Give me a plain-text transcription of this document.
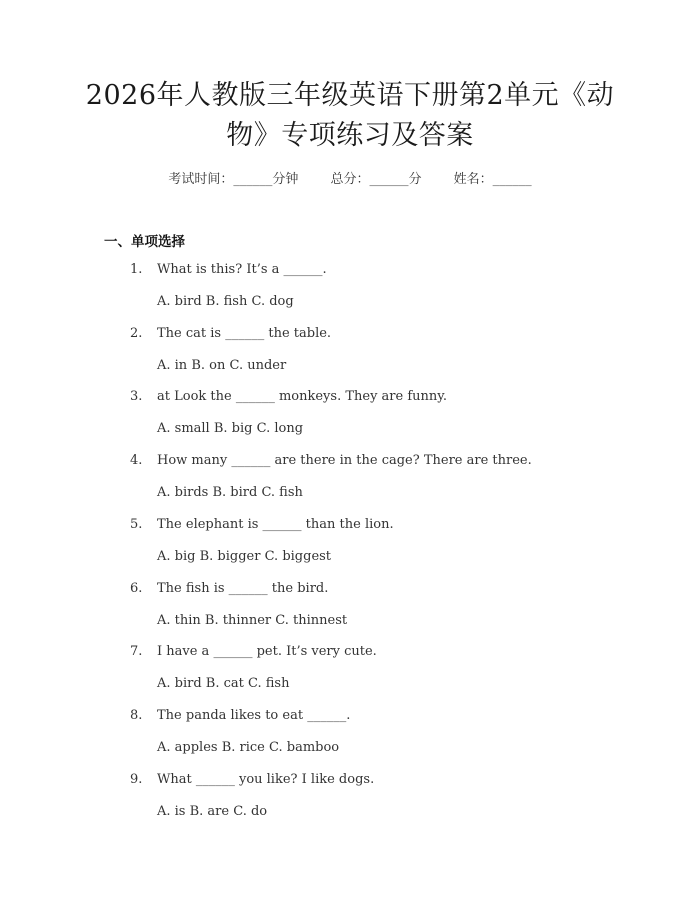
2026年人教版三年级英语下册第2单元《动
物》专项练习及答案
考试时间：______分钟 总分：______分 姓名：______
一、单项选择
1. What is this? It’s a ______.
A. bird B. fish C. dog
2. The cat is ______ the table.
A. in B. on C. under
3. at Look the ______ monkeys. They are funny.
A. small B. big C. long
4. How many ______ are there in the cage? There are three.
A. birds B. bird C. fish
5. The elephant is ______ than the lion.
A. big B. bigger C. biggest
6. The fish is ______ the bird.
A. thin B. thinner C. thinnest
7. I have a ______ pet. It’s very cute.
A. bird B. cat C. fish
8. The panda likes to eat ______.
A. apples B. rice C. bamboo
9. What ______ you like? I like dogs.
A. is B. are C. do
